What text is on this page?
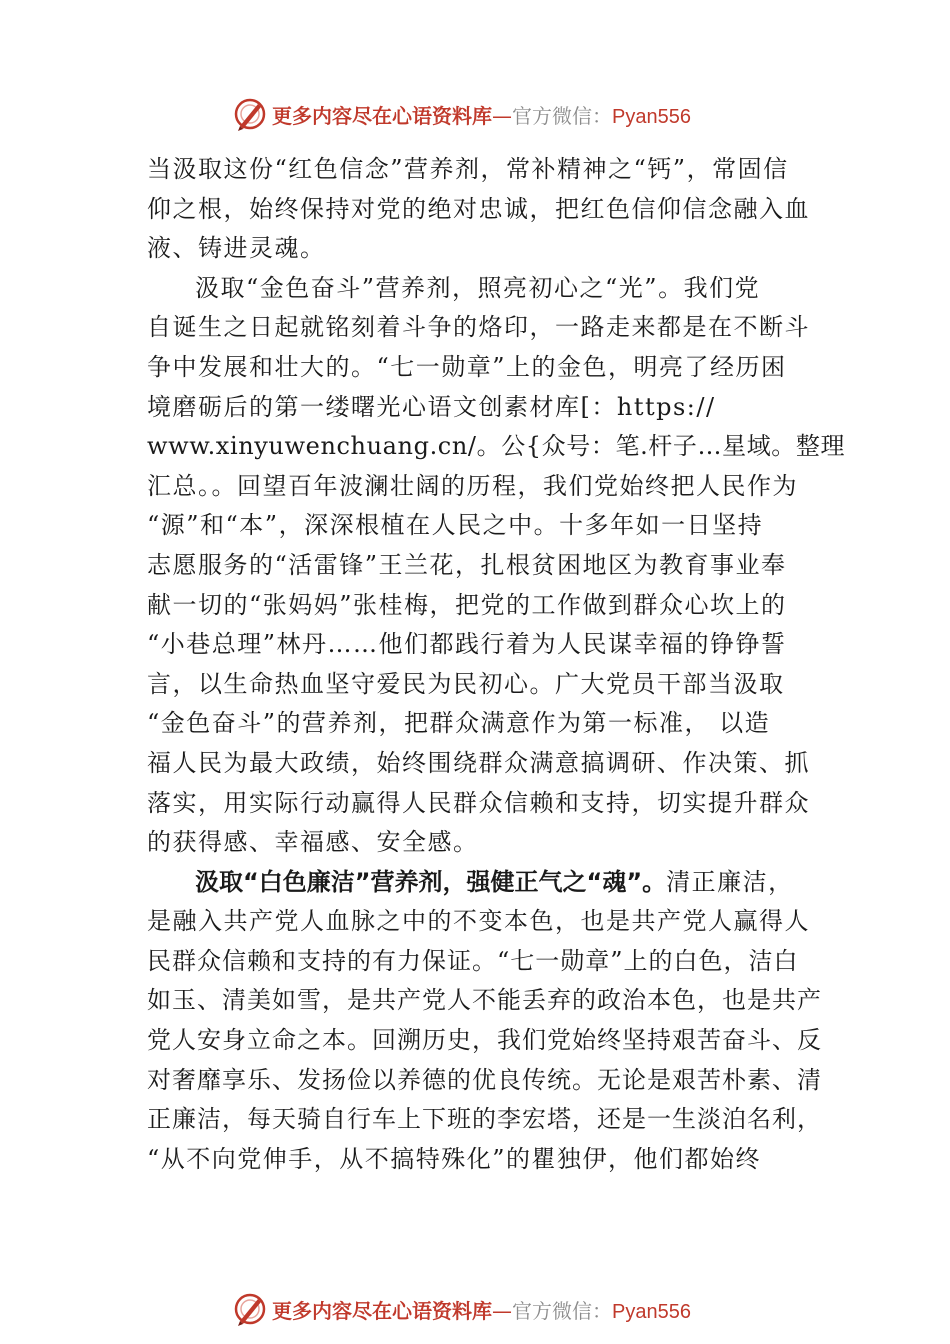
更多内容尽在心语资料库—官方微信：Pyan556
当汲取这份“红色信念”营养剂，常补精神之“钙”，常固信
仰之根，始终保持对党的绝对忠诚，把红色信仰信念融入血
液、铸进灵魂。
汲取“金色奋斗”营养剂，照亮初心之“光”。我们党
自诞生之日起就铭刻着斗争的烙印，一路走来都是在不断斗
争中发展和壮大的。“七一勋章”上的金色，明亮了经历困
境磨砺后的第一缕曙光心语文创素材库[：https://
www.xinyuwenchuang.cn/。公{众号：笔.杆子…星域。整理
汇总。。回望百年波澜壮阔的历程，我们党始终把人民作为
“源”和“本”，深深根植在人民之中。十多年如一日坚持
志愿服务的“活雷锋”王兰花，扎根贫困地区为教育事业奉
献一切的“张妈妈”张桂梅，把党的工作做到群众心坎上的
“小巷总理”林丹……他们都践行着为人民谋幸福的铮铮誓
言，以生命热血坚守爱民为民初心。广大党员干部当汲取
“金色奋斗”的营养剂，把群众满意作为第一标准， 以造
福人民为最大政绩，始终围绕群众满意搞调研、作决策、抓
落实，用实际行动赢得人民群众信赖和支持，切实提升群众
的获得感、幸福感、安全感。
汲取“白色廉洁”营养剂，强健正气之“魂”。清正廉洁，
是融入共产党人血脉之中的不变本色，也是共产党人赢得人
民群众信赖和支持的有力保证。“七一勋章”上的白色，洁白
如玉、清美如雪，是共产党人不能丢弃的政治本色，也是共产
党人安身立命之本。回溯历史，我们党始终坚持艰苦奋斗、反
对奢靡享乐、发扬俭以养德的优良传统。无论是艰苦朴素、清
正廉洁，每天骑自行车上下班的李宏塔，还是一生淡泊名利，
“从不向党伸手，从不搞特殊化”的瞿独伊，他们都始终
更多内容尽在心语资料库—官方微信：Pyan556
